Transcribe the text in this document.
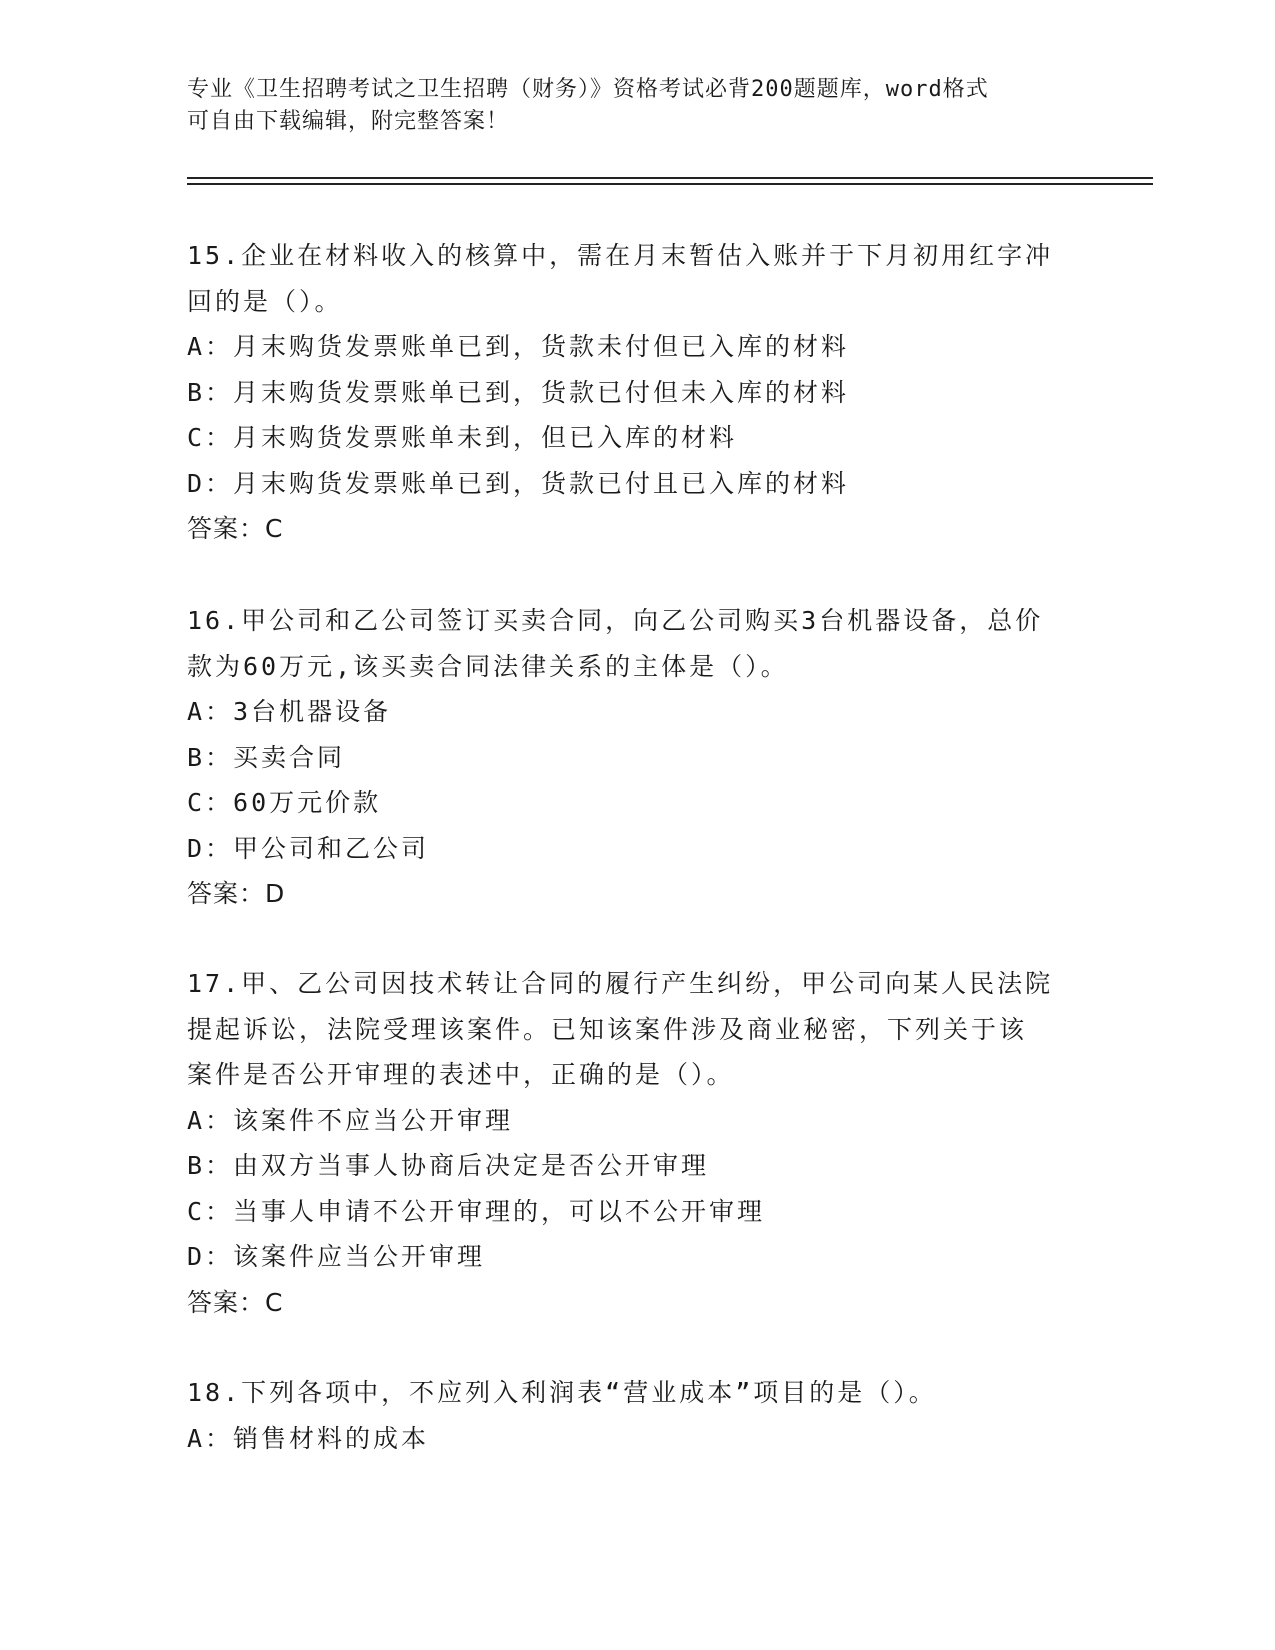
专业《卫生招聘考试之卫生招聘（财务）》资格考试必背200题题库，word格式
可自由下载编辑，附完整答案！

15.企业在材料收入的核算中，需在月末暂估入账并于下月初用红字冲

回的是（）。

A：月末购货发票账单已到，货款未付但已入库的材料

B：月末购货发票账单已到，货款已付但未入库的材料

C：月末购货发票账单未到，但已入库的材料

D：月末购货发票账单已到，货款已付且已入库的材料

答案：C

16.甲公司和乙公司签订买卖合同，向乙公司购买3台机器设备，总价

款为60万元,该买卖合同法律关系的主体是（）。

A：3台机器设备

B：买卖合同

C：60万元价款

D：甲公司和乙公司

答案：D

17.甲、乙公司因技术转让合同的履行产生纠纷，甲公司向某人民法院

提起诉讼，法院受理该案件。已知该案件涉及商业秘密，下列关于该

案件是否公开审理的表述中，正确的是（）。

A：该案件不应当公开审理

B：由双方当事人协商后决定是否公开审理

C：当事人申请不公开审理的，可以不公开审理

D：该案件应当公开审理

答案：C

18.下列各项中，不应列入利润表“营业成本”项目的是（）。

A：销售材料的成本
